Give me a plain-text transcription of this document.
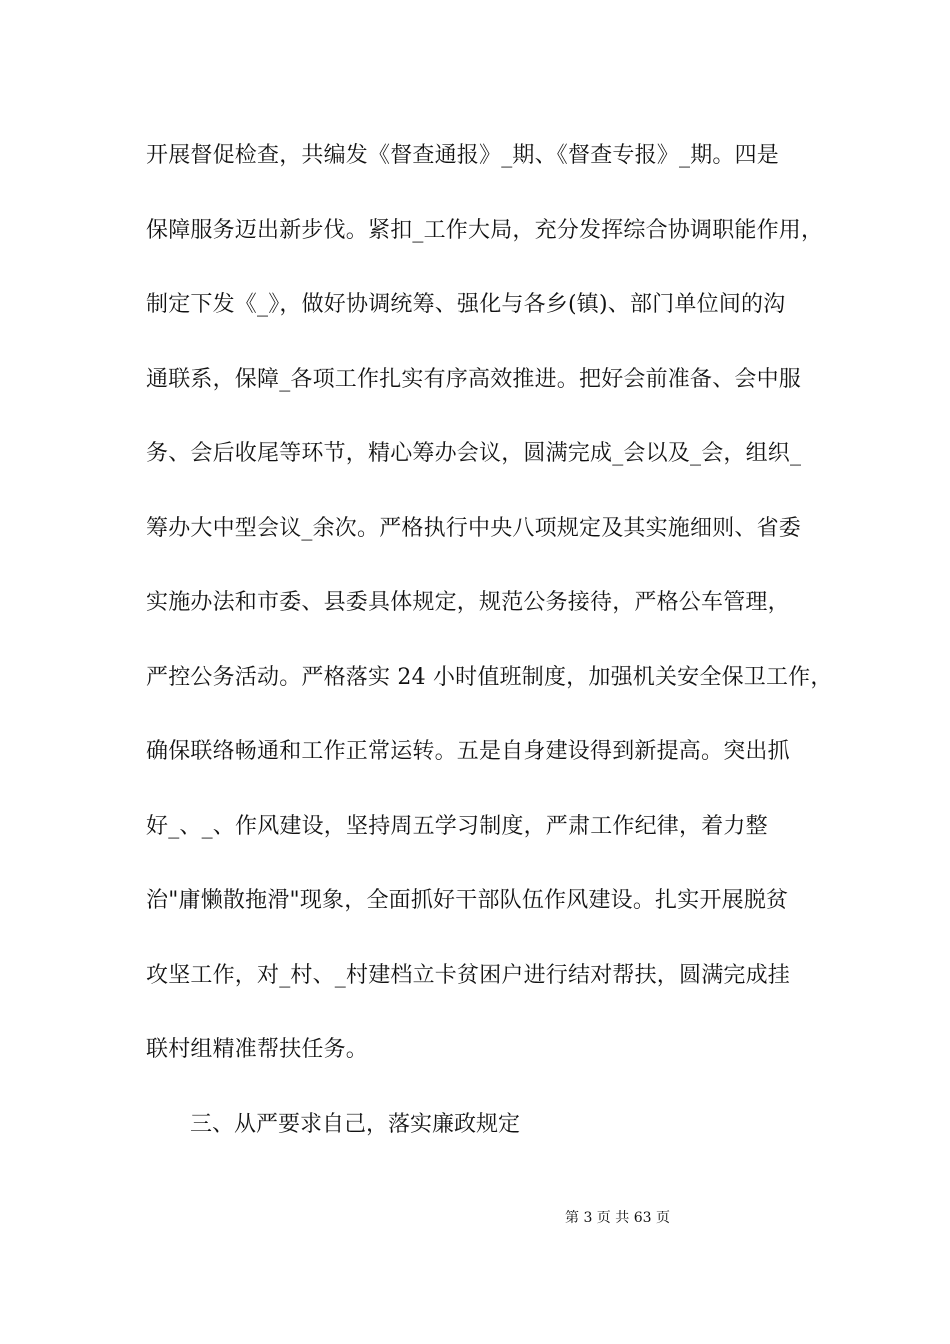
开展督促检查，共编发《督查通报》_期、《督查专报》_期。四是
保障服务迈出新步伐。紧扣_工作大局，充分发挥综合协调职能作用，
制定下发《_》，做好协调统筹、强化与各乡(镇)、部门单位间的沟
通联系，保障_各项工作扎实有序高效推进。把好会前准备、会中服
务、会后收尾等环节，精心筹办会议，圆满完成_会以及_会，组织_
筹办大中型会议_余次。严格执行中央八项规定及其实施细则、省委
实施办法和市委、县委具体规定，规范公务接待，严格公车管理，
严控公务活动。严格落实 24 小时值班制度，加强机关安全保卫工作，
确保联络畅通和工作正常运转。五是自身建设得到新提高。突出抓
好_、_、作风建设，坚持周五学习制度，严肃工作纪律，着力整
治"庸懒散拖滑"现象，全面抓好干部队伍作风建设。扎实开展脱贫
攻坚工作，对_村、_村建档立卡贫困户进行结对帮扶，圆满完成挂
联村组精准帮扶任务。
三、从严要求自己，落实廉政规定
第 3 页 共 63 页
